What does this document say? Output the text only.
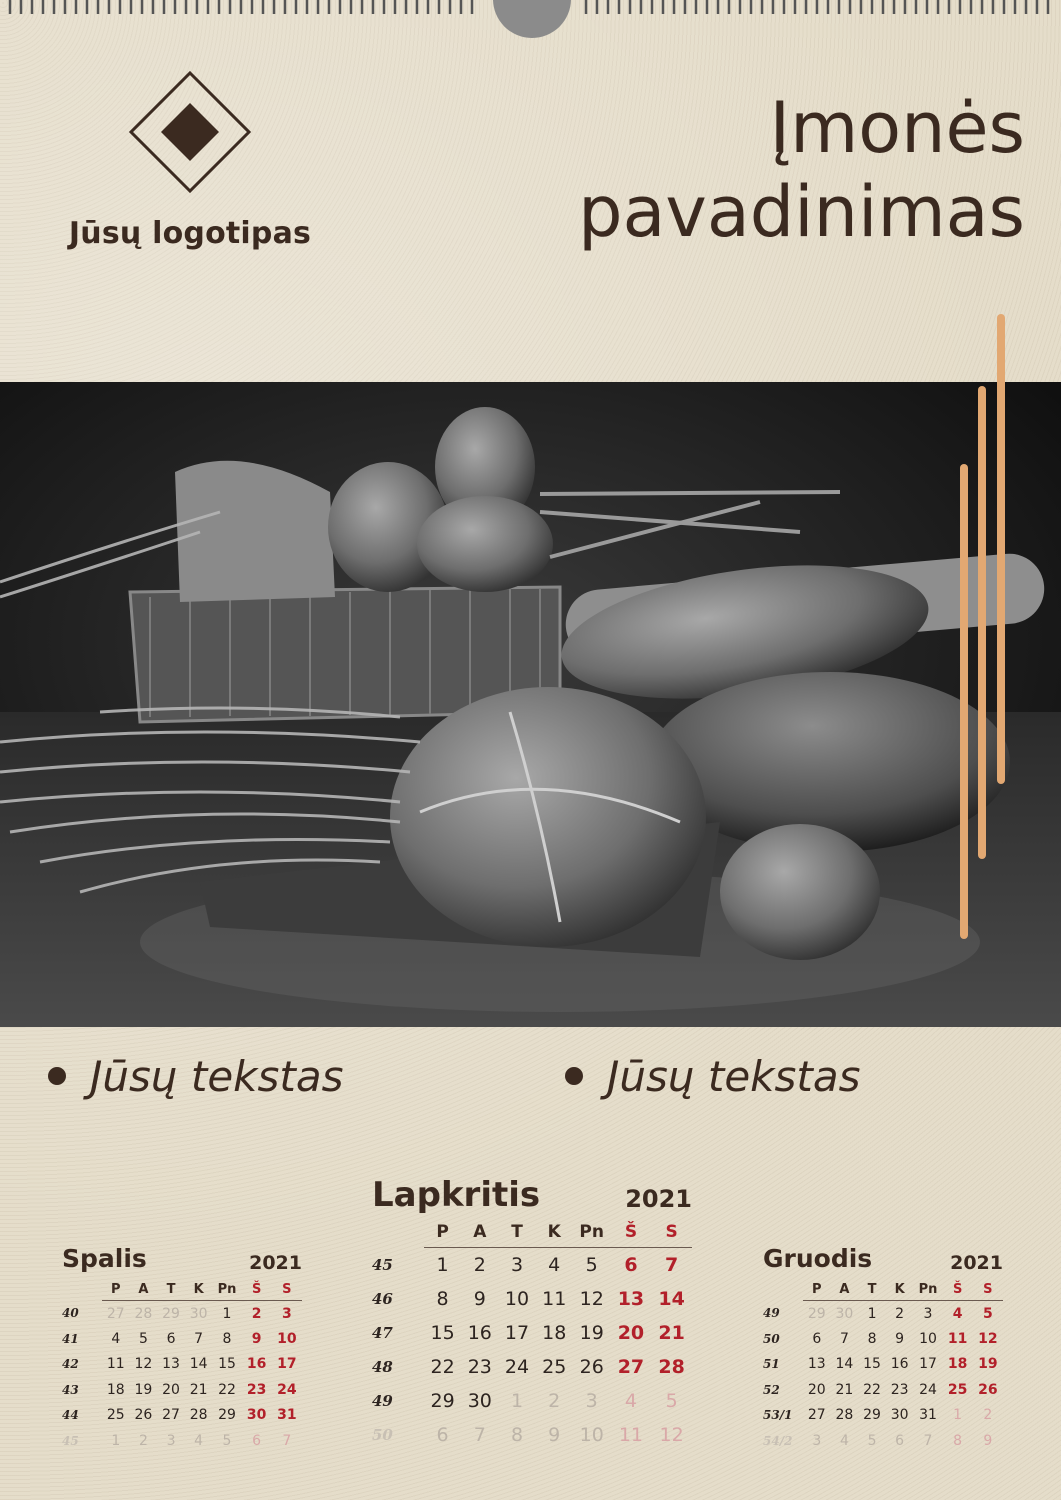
Jūsų logotipas
Įmonės
pavadinimas
Jūsų tekstas	Jūsų tekstas
Spalis	2021
	P	A	T	K	Pn	Š	S
40	27	28	29	30	1	2	3
41	4	5	6	7	8	9	10
42	11	12	13	14	15	16	17
43	18	19	20	21	22	23	24
44	25	26	27	28	29	30	31
45	1	2	3	4	5	6	7
Lapkritis	2021
	P	A	T	K	Pn	Š	S
45	1	2	3	4	5	6	7
46	8	9	10	11	12	13	14
47	15	16	17	18	19	20	21
48	22	23	24	25	26	27	28
49	29	30	1	2	3	4	5
50	6	7	8	9	10	11	12
Gruodis	2021
	P	A	T	K	Pn	Š	S
49	29	30	1	2	3	4	5
50	6	7	8	9	10	11	12
51	13	14	15	16	17	18	19
52	20	21	22	23	24	25	26
53/1	27	28	29	30	31	1	2
54/2	3	4	5	6	7	8	9
